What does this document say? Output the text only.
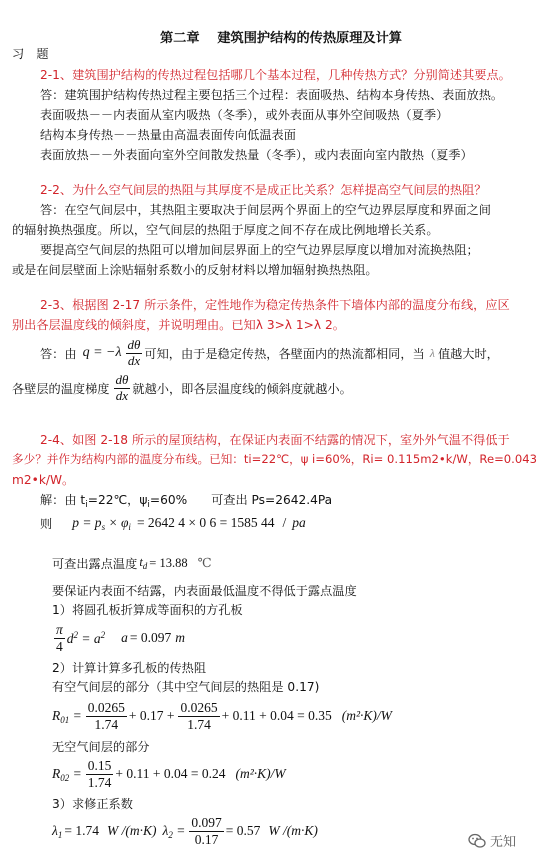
第二章　 建筑围护结构的传热原理及计算
习　题
2-1、建筑围护结构的传热过程包括哪几个基本过程，几种传热方式？分别简述其要点。
答：建筑围护结构传热过程主要包括三个过程：表面吸热、结构本身传热、表面放热。
表面吸热－－内表面从室内吸热（冬季），或外表面从事外空间吸热（夏季）
结构本身传热－－热量由高温表面传向低温表面
表面放热－－外表面向室外空间散发热量（冬季），或内表面向室内散热（夏季）
2-2、为什么空气间层的热阻与其厚度不是成正比关系？怎样提高空气间层的热阻？
答：在空气间层中，其热阻主要取决于间层两个界面上的空气边界层厚度和界面之间
的辐射换热强度。所以，空气间层的热阻于厚度之间不存在成比例地增长关系。
要提高空气间层的热阻可以增加间层界面上的空气边界层厚度以增加对流换热阻；
或是在间层壁面上涂贴辐射系数小的反射材料以增加辐射换热热阻。
2-3、根据图 2-17 所示条件，定性地作为稳定传热条件下墙体内部的温度分布线，应区
别出各层温度线的倾斜度，并说明理由。已知λ 3>λ 1>λ 2。
答：由 $q = -\lambda \frac{d\theta}{dx}$ 可知，由于是稳定传热，各壁面内的热流都相同，当 λ 值越大时，
各壁层的温度梯度 $\frac{d\theta}{dx}$ 就越小，即各层温度线的倾斜度就越小。
2-4、如图 2-18 所示的屋顶结构，在保证内表面不结露的情况下，室外外气温不得低于
多少？并作为结构内部的温度分布线。已知：ti=22℃，ψ i=60%，Ri= 0.115m2•k/W，Re=0.043
m2•k/W。
解：由 $t_i=22℃$，$\psi_i=60\%$ 可查出 Ps=2642.4Pa
则 $p = p_s \times \varphi_i = 2642$ 4 × 0 6 = 1585 44 / pa
可查出露点温度 $t_d = 13.88$ ℃
要保证内表面不结露，内表面最低温度不得低于露点温度
1）将圆孔板折算成等面积的方孔板
$\frac{\pi}{4} d^2 = a^2$ a = 0.097 m
2）计算计算多孔板的传热阻
有空气间层的部分（其中空气间层的热阻是 0.17)
$R_{01} = \frac{0.0265}{1.74} + 0.17 + \frac{0.0265}{1.74} + 0.11 + 0.04 = 0.35$ (m²·K)/W
无空气间层的部分
$R_{02} = \frac{0.15}{1.74} + 0.11 + 0.04 = 0.24$ (m²·K)/W
3）求修正系数
$\lambda_1 = 1.74$ W /(m·K) $\lambda_2 = \frac{0.097}{0.17} = 0.57$ W /(m·K)
无知
